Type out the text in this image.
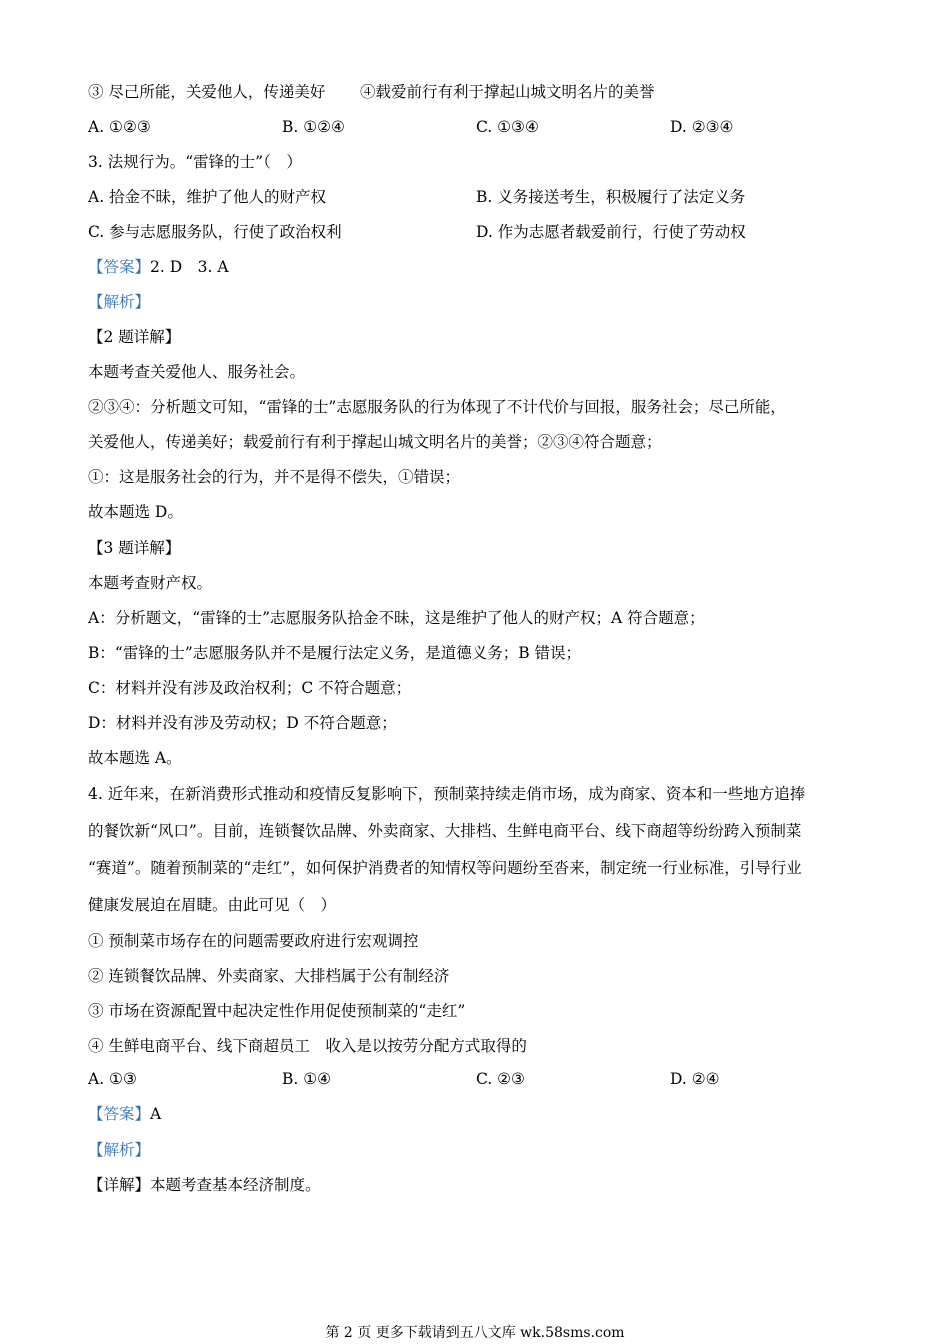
③ 尽己所能，关爱他人，传递美好 ④载爱前行有利于撑起山城文明名片的美誉
A. ①②③	B. ①②④	C. ①③④	D. ②③④
3. 法规行为。“雷锋的士”（　）
A. 拾金不昧，维护了他人的财产权	B. 义务接送考生，积极履行了法定义务
C. 参与志愿服务队，行使了政治权利	D. 作为志愿者载爱前行，行使了劳动权
【答案】2. D　3. A
【解析】
【2 题详解】
本题考查关爱他人、服务社会。
②③④：分析题文可知，“雷锋的士”志愿服务队的行为体现了不计代价与回报，服务社会；尽己所能，
关爱他人，传递美好；载爱前行有利于撑起山城文明名片的美誉；②③④符合题意；
①：这是服务社会的行为，并不是得不偿失，①错误；
故本题选 D。
【3 题详解】
本题考查财产权。
A：分析题文，“雷锋的士”志愿服务队拾金不昧，这是维护了他人的财产权；A 符合题意；
B：“雷锋的士”志愿服务队并不是履行法定义务，是道德义务；B 错误；
C：材料并没有涉及政治权利；C 不符合题意；
D：材料并没有涉及劳动权；D 不符合题意；
故本题选 A。
4. 近年来，在新消费形式推动和疫情反复影响下，预制菜持续走俏市场，成为商家、资本和一些地方追捧
的餐饮新“风口”。目前，连锁餐饮品牌、外卖商家、大排档、生鲜电商平台、线下商超等纷纷跨入预制菜
“赛道”。随着预制菜的“走红”，如何保护消费者的知情权等问题纷至沓来，制定统一行业标准，引导行业
健康发展迫在眉睫。由此可见（　）
① 预制菜市场存在的问题需要政府进行宏观调控
② 连锁餐饮品牌、外卖商家、大排档属于公有制经济
③ 市场在资源配置中起决定性作用促使预制菜的“走红”
④ 生鲜电商平台、线下商超员工　收入是以按劳分配方式取得的
A. ①③	B. ①④	C. ②③	D. ②④
【答案】A
【解析】
【详解】本题考查基本经济制度。
第 2 页 更多下载请到五八文库 wk.58sms.com
